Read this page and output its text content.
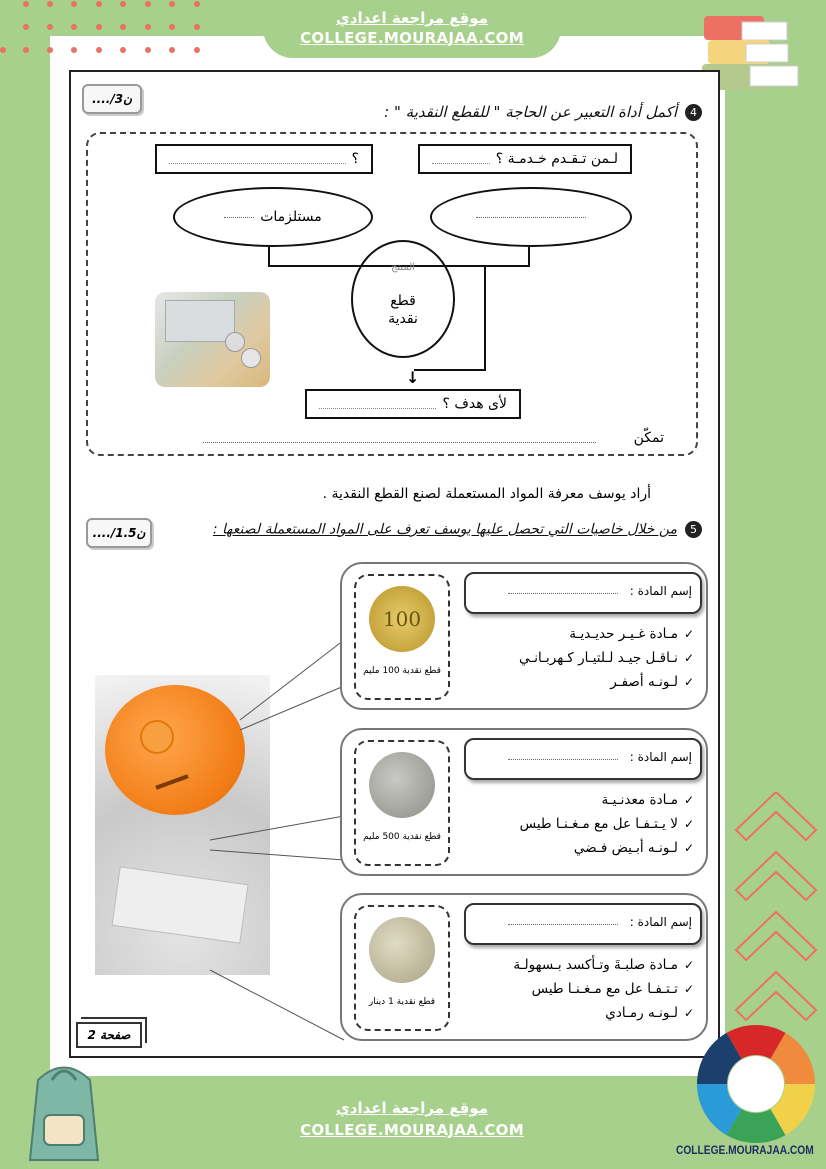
موقع مراجعة اعدادي
COLLEGE.MOURAJAA.COM
..../3ن
4أكمل أداة التعبير عن الحاجة " للقطع النقدية " :
لـمن تـقـدم خـدمـة ؟
؟
مستلزمات
↓
المنتج
قطع
نقدية
لأى هدف ؟
تمكّن
أراد يوسف معرفة المواد المستعملة لصنع القطع النقدية .
5من خلال خاصيات التي تحصل عليها يوسف تعرف على المواد المستعملة لصنعها :
..../1.5ن
100
قطع نقدية 100 مليم
إسم المادة :
✓مـادة غـيـر حديـديـة
✓نـاقـل جيـد لـلتيـار كـهربـانـي
✓لـونـه أصفـر
قطع نقدية 500 مليم
إسم المادة :
✓مـادة معدنـيـة
✓لا يـتـفـا عل مع مـغـنـا طيس
✓لـونـه أبـيض فـضي
قطع نقدية 1 دينار
إسم المادة :
✓مـادة صلبـةَ وتـأكسد بـسهولـة
✓تـتـفـا عل مع مـغـنـا طيس
✓لـونـه رمـادي
صفحة 2
COLLEGE.MOURAJAA.COM
موقع مراجعة اعدادي
COLLEGE.MOURAJAA.COM
